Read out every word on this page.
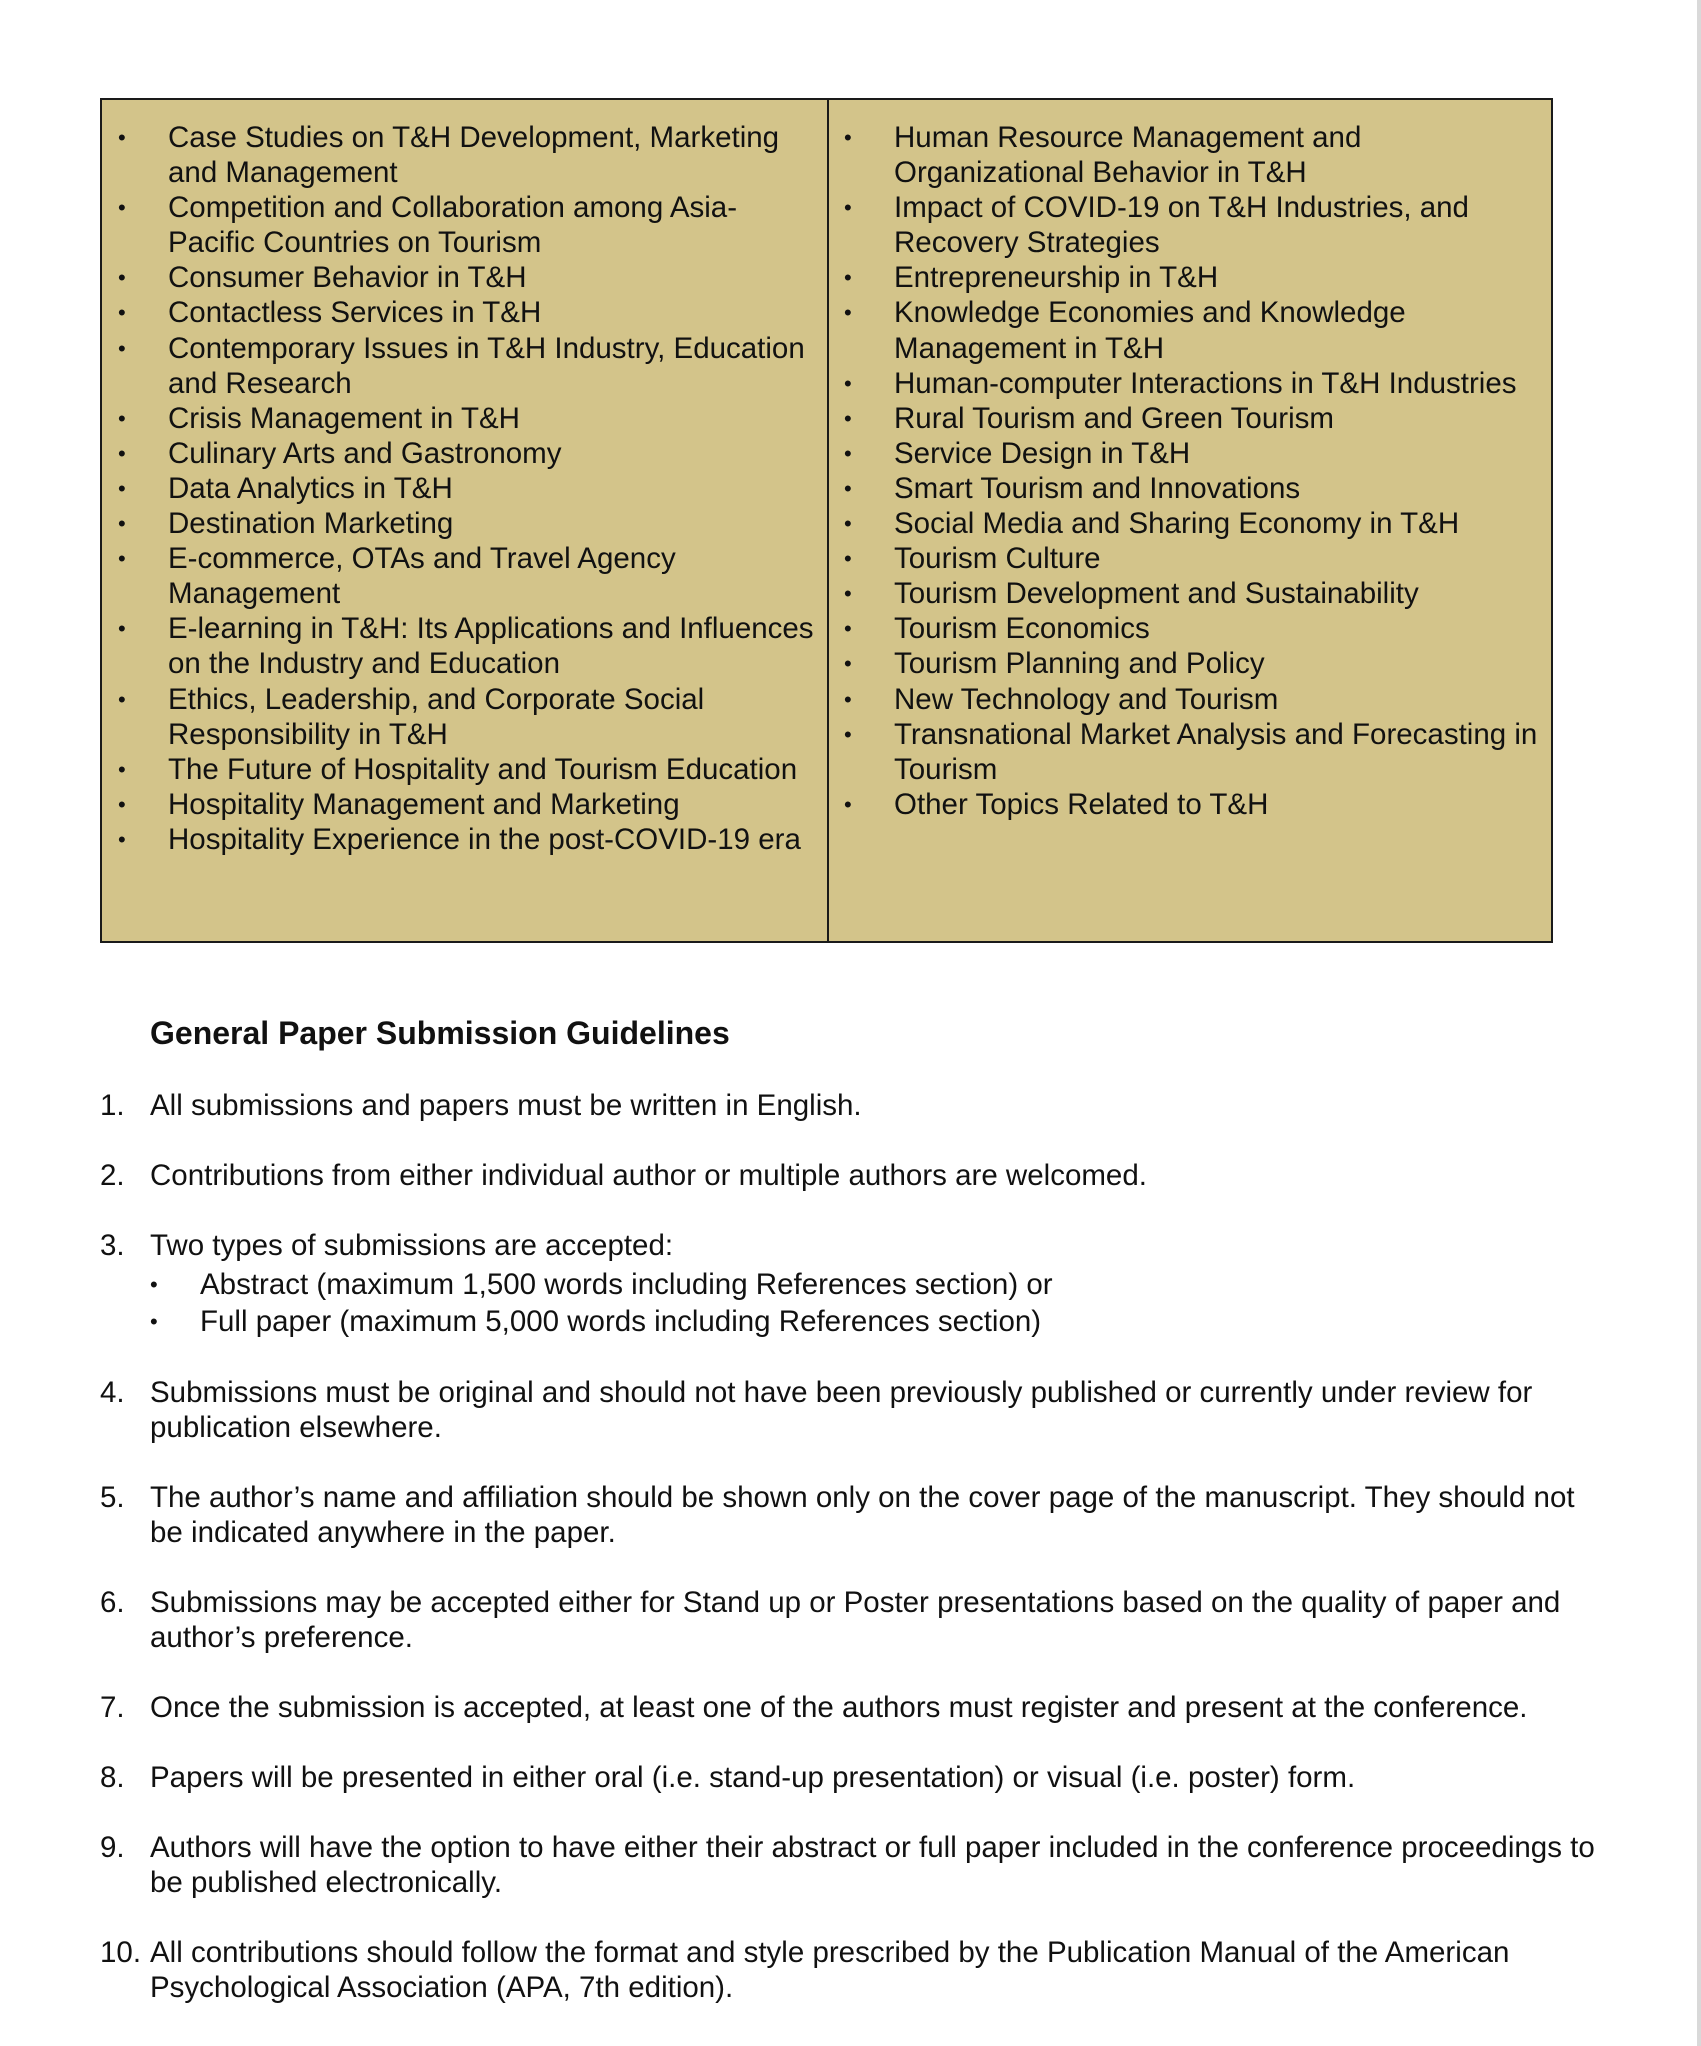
• Case Studies on T&H Development, Marketing and Management
• Competition and Collaboration among Asia-Pacific Countries on Tourism
• Consumer Behavior in T&H
• Contactless Services in T&H
• Contemporary Issues in T&H Industry, Education and Research
• Crisis Management in T&H
• Culinary Arts and Gastronomy
• Data Analytics in T&H
• Destination Marketing
• E-commerce, OTAs and Travel Agency Management
• E-learning in T&H: Its Applications and Influences on the Industry and Education
• Ethics, Leadership, and Corporate Social Responsibility in T&H
• The Future of Hospitality and Tourism Education
• Hospitality Management and Marketing
• Hospitality Experience in the post-COVID-19 era
• Human Resource Management and Organizational Behavior in T&H
• Impact of COVID-19 on T&H Industries, and Recovery Strategies
• Entrepreneurship in T&H
• Knowledge Economies and Knowledge Management in T&H
• Human-computer Interactions in T&H Industries
• Rural Tourism and Green Tourism
• Service Design in T&H
• Smart Tourism and Innovations
• Social Media and Sharing Economy in T&H
• Tourism Culture
• Tourism Development and Sustainability
• Tourism Economics
• Tourism Planning and Policy
• New Technology and Tourism
• Transnational Market Analysis and Forecasting in Tourism
• Other Topics Related to T&H
General Paper Submission Guidelines
1. All submissions and papers must be written in English.
2. Contributions from either individual author or multiple authors are welcomed.
3. Two types of submissions are accepted:
• Abstract (maximum 1,500 words including References section) or
• Full paper (maximum 5,000 words including References section)
4. Submissions must be original and should not have been previously published or currently under review for publication elsewhere.
5. The author’s name and affiliation should be shown only on the cover page of the manuscript. They should not be indicated anywhere in the paper.
6. Submissions may be accepted either for Stand up or Poster presentations based on the quality of paper and author’s preference.
7. Once the submission is accepted, at least one of the authors must register and present at the conference.
8. Papers will be presented in either oral (i.e. stand-up presentation) or visual (i.e. poster) form.
9. Authors will have the option to have either their abstract or full paper included in the conference proceedings to be published electronically.
10. All contributions should follow the format and style prescribed by the Publication Manual of the American Psychological Association (APA, 7th edition).
